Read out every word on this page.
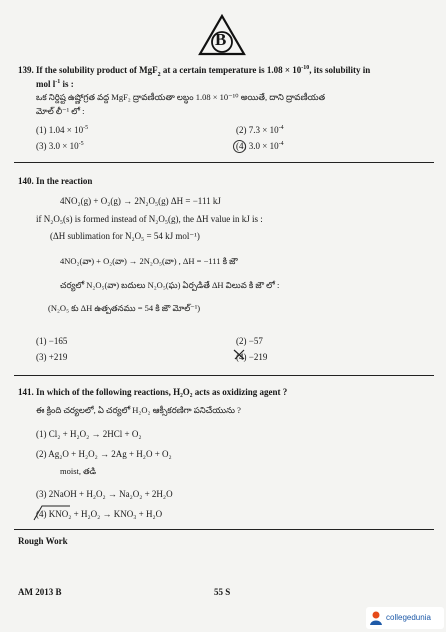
B
139. If the solubility product of MgF$_2$ at a certain temperature is $1.08 \times 10^{-10}$, its solubility in
mol $l^{-1}$ is :
ఒక నిర్దిష్ట ఉష్ణోగ్రత వద్ద MgF₂ ద్రావణీయతా లబ్ధం 1.08 × 10⁻¹⁰ అయితే, దాని ద్రావణీయత
మోల్ లీ⁻¹ లో :
(1) $1.04 \times 10^{-5}$	(2) $7.3 \times 10^{-4}$
(3) $3.0 \times 10^{-5}$	(4) $3.0 \times 10^{-4}$
140. In the reaction
4NO₂(g) + O₂(g) → 2N₂O₅(g) ΔH = −111 kJ
if N₂O₅(s) is formed instead of N₂O₅(g), the ΔH value in kJ is :
(ΔH sublimation for N₂O₅ = 54 kJ mol⁻¹)
4NO₂(వా) + O₂(వా) → 2N₂O₅(వా) , ΔH = −111 కి జౌ
చర్యలో N₂O₅(వా) బదులు N₂O₅(ఘ) ఏర్పడితే ΔH విలువ కి జౌ లో :
(N₂O₅ కు ΔH ఉత్పతనము = 54 కి జౌ మోల్⁻¹)
(1) −165	(2) −57
(3) +219	(4) −219
141. In which of the following reactions, H₂O₂ acts as oxidizing agent ?
ఈ క్రింది చర్యలలో, ఏ చర్యలో H₂O₂ ఆక్సీకరణిగా పనిచేయును ?
(1) Cl₂ + H₂O₂ → 2HCl + O₂
(2) Ag₂O + H₂O₂ → 2Ag + H₂O + O₂
moist, తడి
(3) 2NaOH + H₂O₂ → Na₂O₂ + 2H₂O
(4) KNO₂ + H₂O₂ → KNO₃ + H₂O
Rough Work
AM 2013 B	55 S
collegedunia
